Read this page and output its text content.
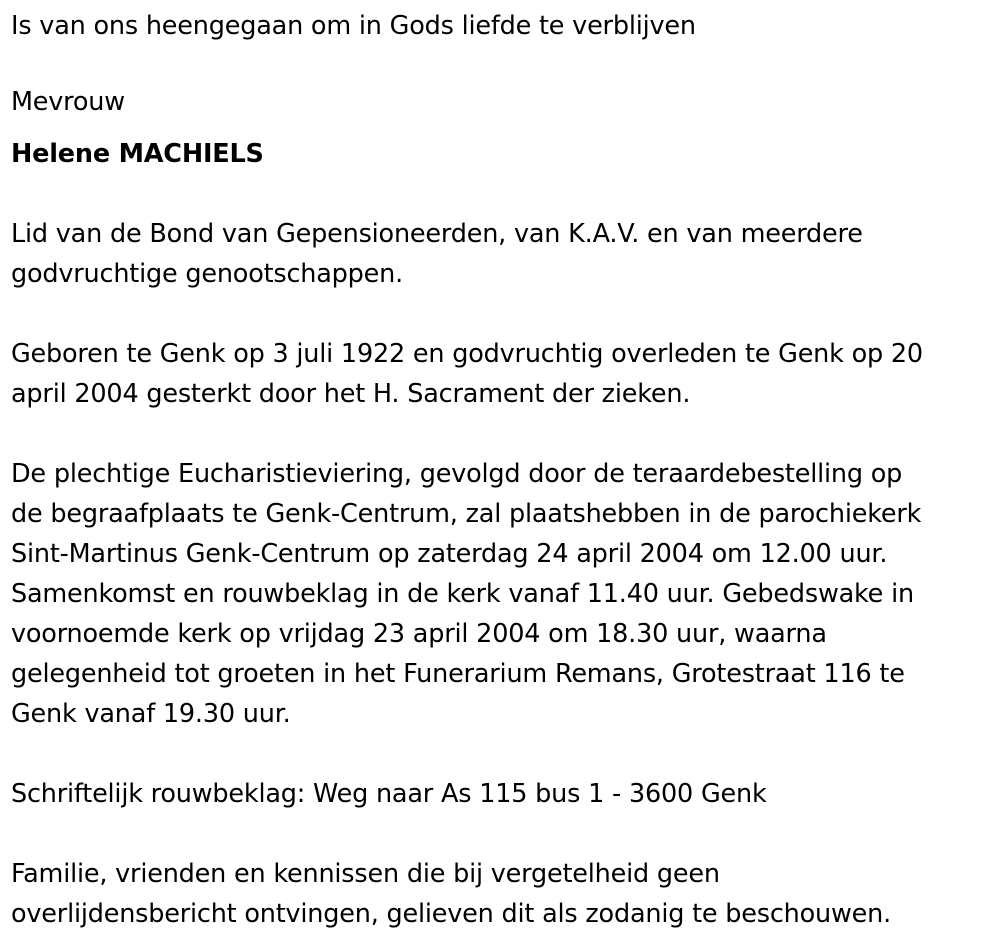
Is van ons heengegaan om in Gods liefde te verblijven
Mevrouw
Helene MACHIELS
Lid van de Bond van Gepensioneerden, van K.A.V. en van meerdere
godvruchtige genootschappen.
Geboren te Genk op 3 juli 1922 en godvruchtig overleden te Genk op 20
april 2004 gesterkt door het H. Sacrament der zieken.
De plechtige Eucharistieviering, gevolgd door de teraardebestelling op
de begraafplaats te Genk-Centrum, zal plaatshebben in de parochiekerk
Sint-Martinus Genk-Centrum op zaterdag 24 april 2004 om 12.00 uur.
Samenkomst en rouwbeklag in de kerk vanaf 11.40 uur. Gebedswake in
voornoemde kerk op vrijdag 23 april 2004 om 18.30 uur, waarna
gelegenheid tot groeten in het Funerarium Remans, Grotestraat 116 te
Genk vanaf 19.30 uur.
Schriftelijk rouwbeklag: Weg naar As 115 bus 1 - 3600 Genk
Familie, vrienden en kennissen die bij vergetelheid geen
overlijdensbericht ontvingen, gelieven dit als zodanig te beschouwen.
